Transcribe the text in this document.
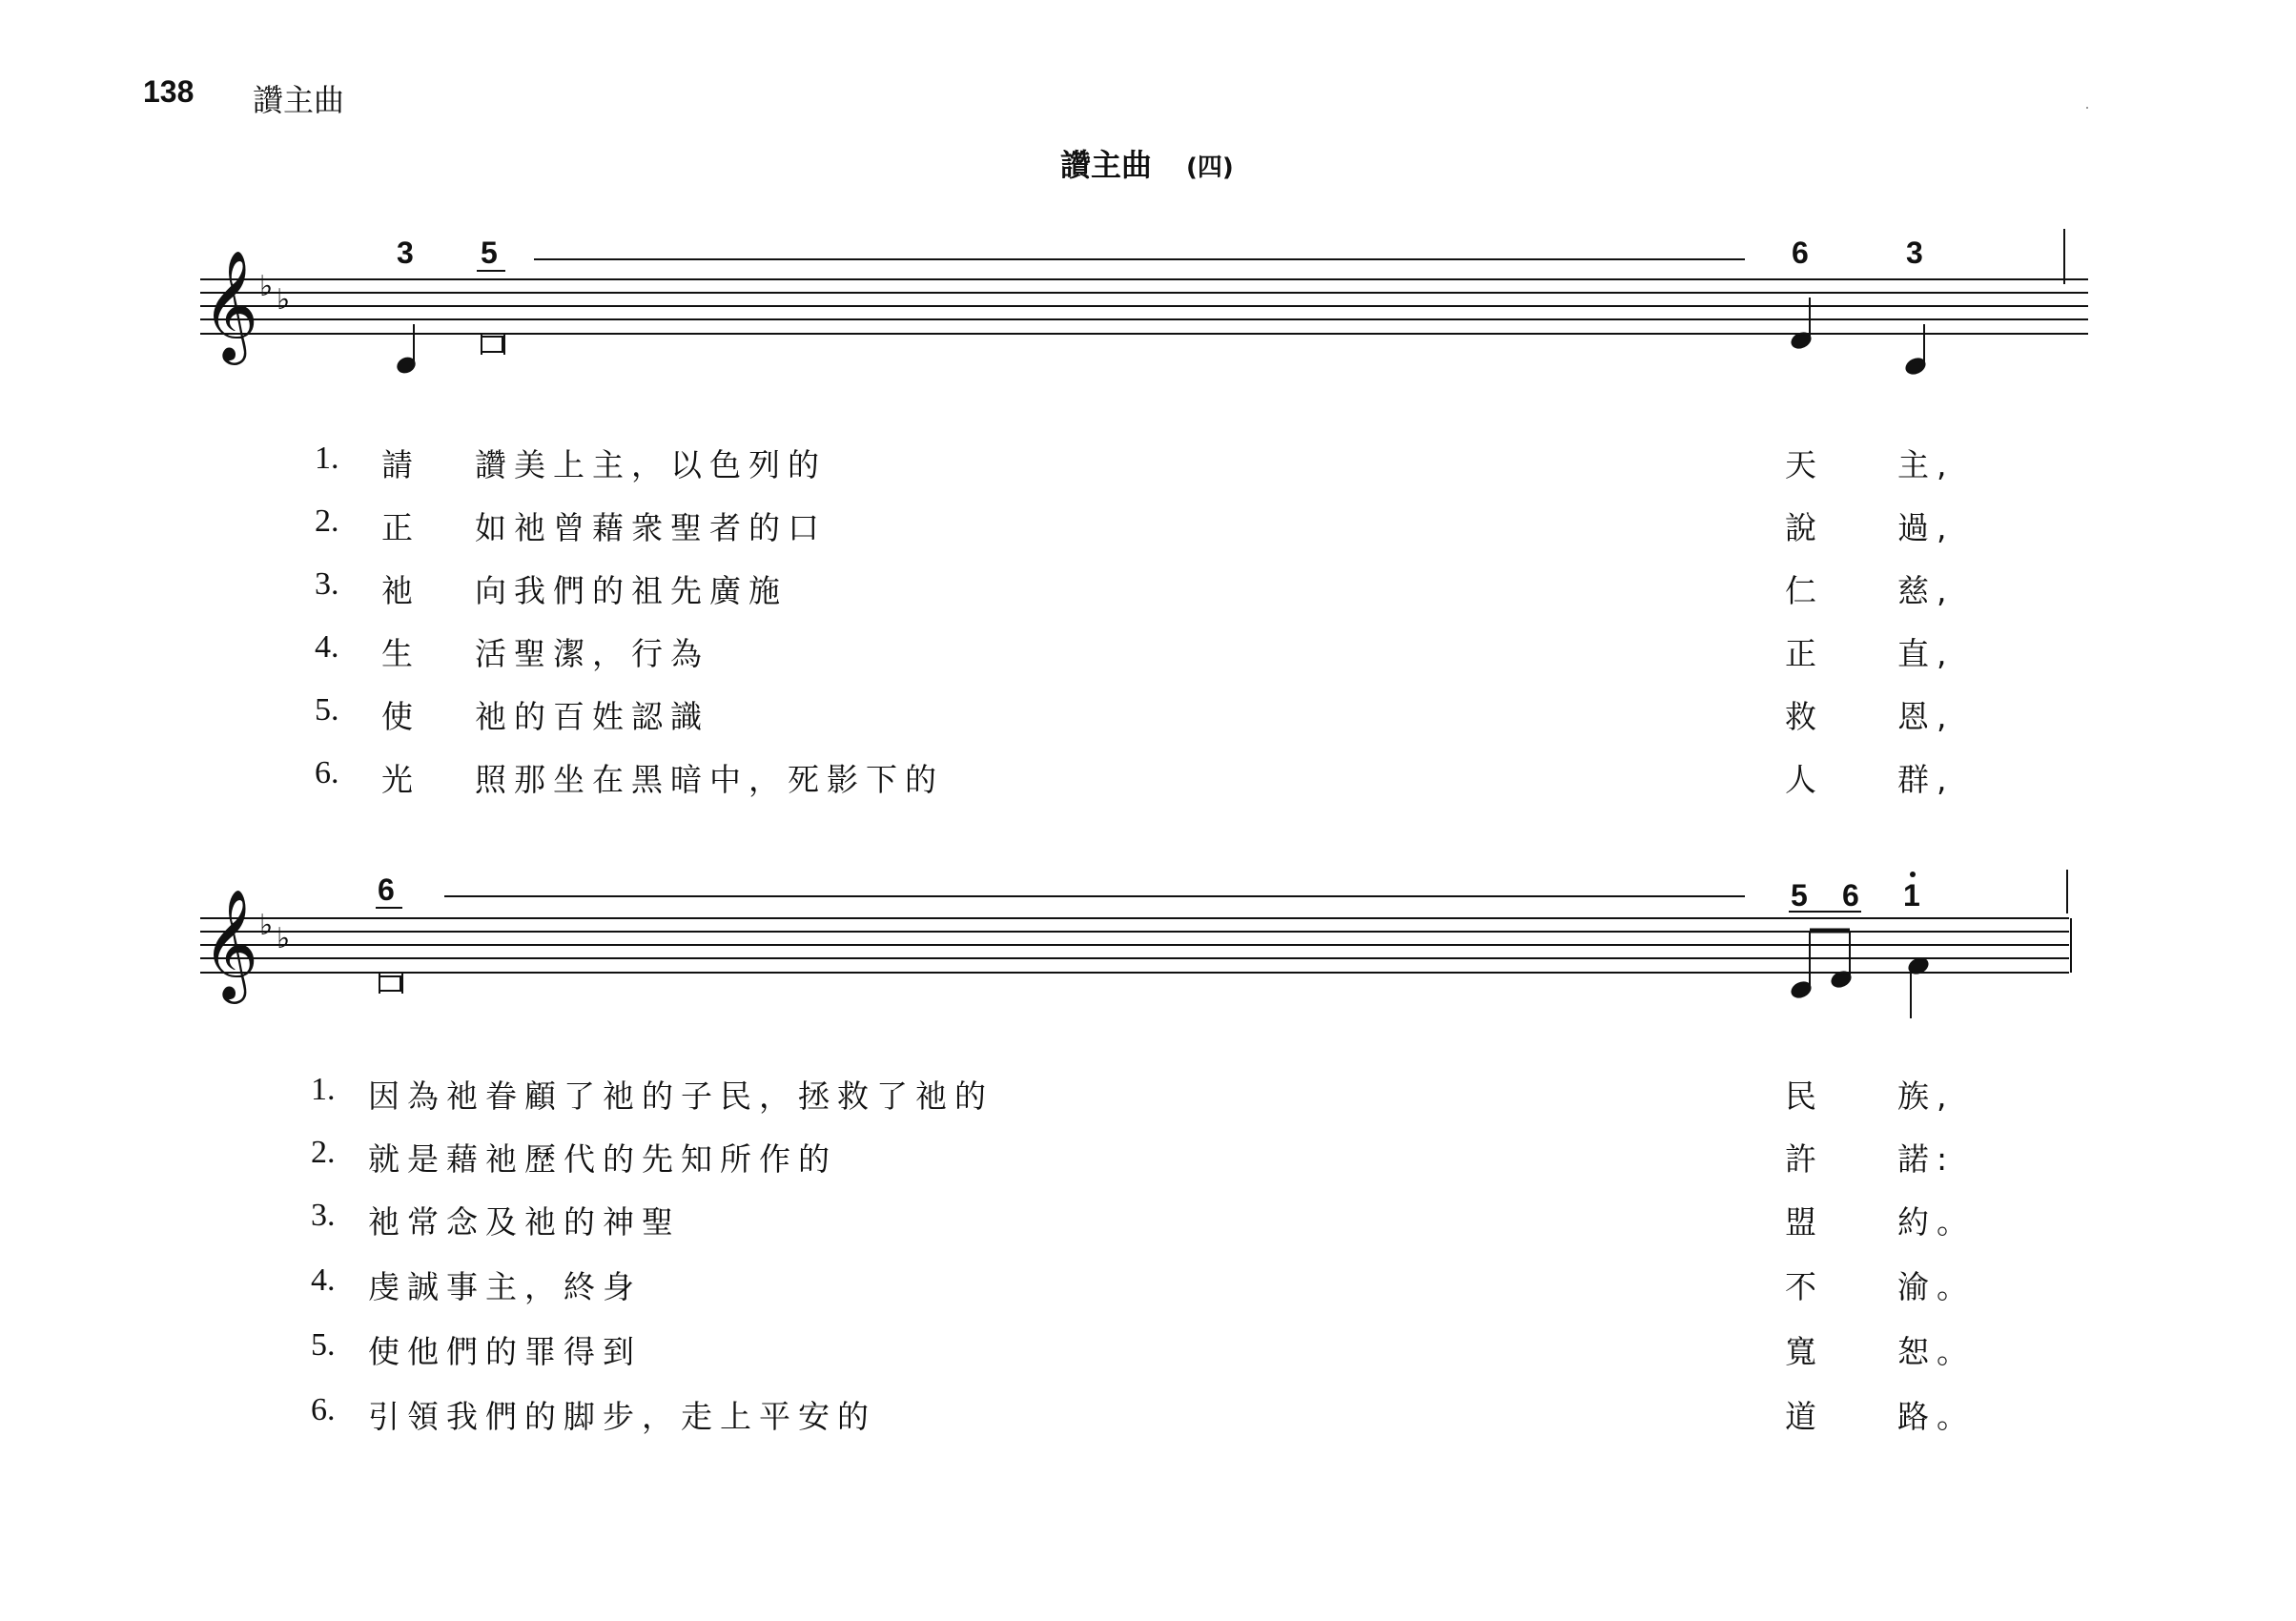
138 讚主曲
讚主曲 (四)
𝄞 ♭ ♭
3 5	6	3
1. 請 讚美上主，以色列的	天 主,
2. 正 如祂曾藉衆聖者的口	說 過,
3. 祂 向我們的祖先廣施	仁 慈,
4. 生 活聖潔，行為	正 直,
5. 使 祂的百姓認識	救 恩,
6. 光 照那坐在黑暗中，死影下的	人 群,
𝄞 ♭ ♭
6	5 6 1
1. 因為祂眷顧了祂的子民，拯救了祂的	民 族,
2. 就是藉祂歷代的先知所作的	許 諾:
3. 祂常念及祂的神聖	盟 約。
4. 虔誠事主，終身	不 渝。
5. 使他們的罪得到	寬 恕。
6. 引領我們的脚步，走上平安的	道 路。
